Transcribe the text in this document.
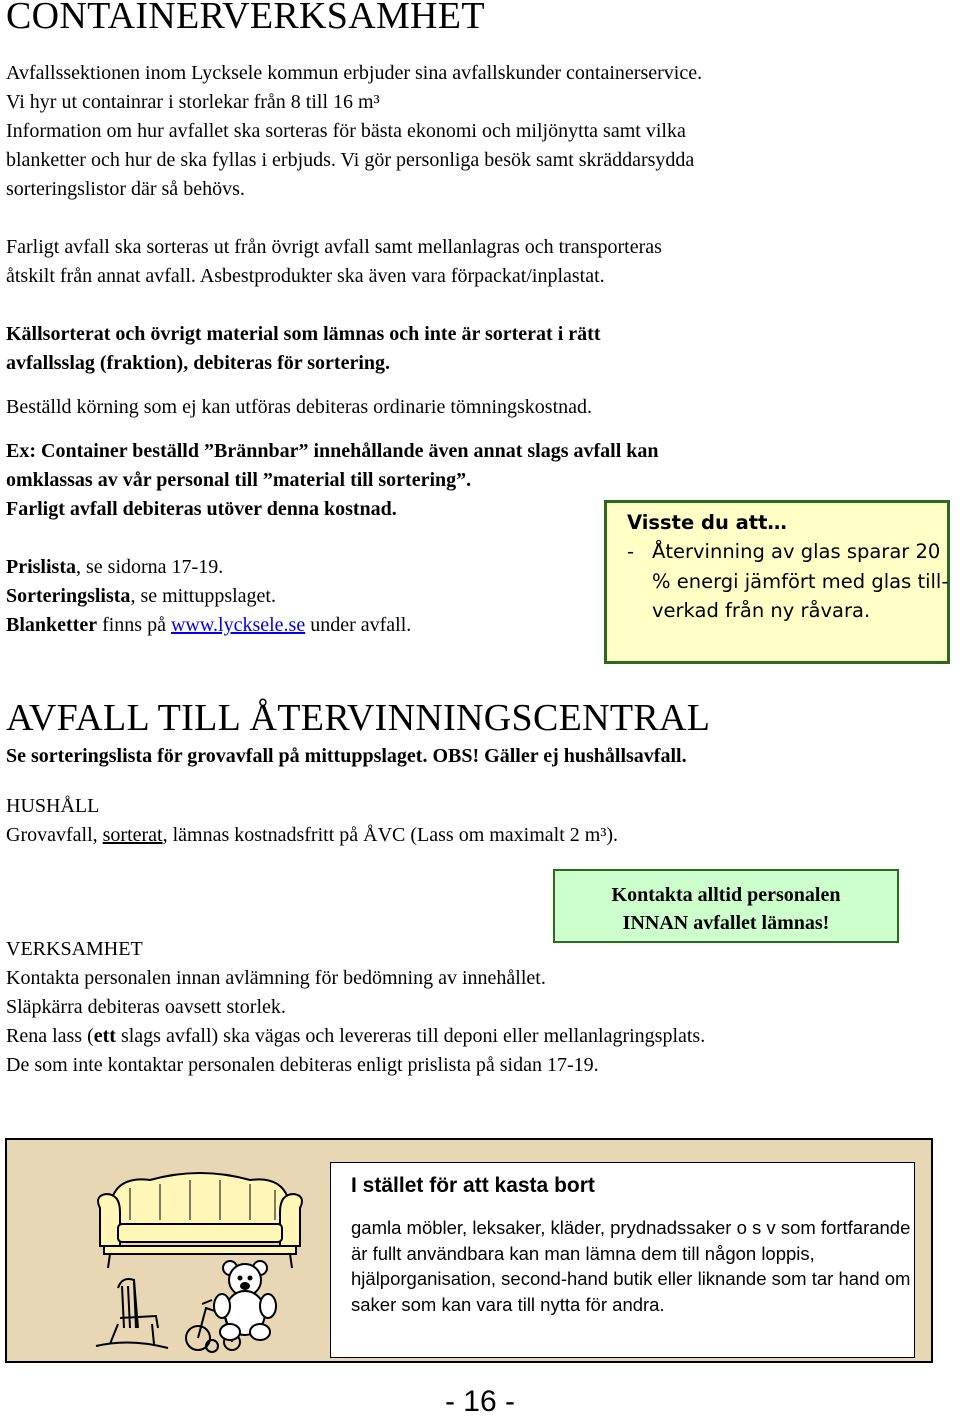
CONTAINERVERKSAMHET

Avfallssektionen inom Lycksele kommun erbjuder sina avfallskunder containerservice.

Vi hyr ut containrar i storlekar från 8 till 16 m³

Information om hur avfallet ska sorteras för bästa ekonomi och miljönytta samt vilka

blanketter och hur de ska fyllas i erbjuds. Vi gör personliga besök samt skräddarsydda

sorteringslistor där så behövs.

Farligt avfall ska sorteras ut från övrigt avfall samt mellanlagras och transporteras

åtskilt från annat avfall. Asbestprodukter ska även vara förpackat/inplastat.

Källsorterat och övrigt material som lämnas och inte är sorterat i rätt

avfallsslag (fraktion), debiteras för sortering.

Beställd körning som ej kan utföras debiteras ordinarie tömningskostnad.

Ex: Container beställd ”Brännbar” innehållande även annat slags avfall kan

omklassas av vår personal till ”material till sortering”.

Farligt avfall debiteras utöver denna kostnad.

Prislista, se sidorna 17-19.

Sorteringslista, se mittuppslaget.

Blanketter finns på www.lycksele.se under avfall.

Visste du att…
- Återvinning av glas sparar 20 % energi jämfört med glas till-verkad från ny råvara.
AVFALL TILL ÅTERVINNINGSCENTRAL

Se sorteringslista för grovavfall på mittuppslaget. OBS! Gäller ej hushållsavfall.

HUSHÅLL

Grovavfall, sorterat, lämnas kostnadsfritt på ÅVC (Lass om maximalt 2 m³).

Kontakta alltid personalen
INNAN avfallet lämnas!

VERKSAMHET

Kontakta personalen innan avlämning för bedömning av innehållet.

Släpkärra debiteras oavsett storlek.

Rena lass (ett slags avfall) ska vägas och levereras till deponi eller mellanlagringsplats.

De som inte kontaktar personalen debiteras enligt prislista på sidan 17-19.

I stället för att kasta bort
gamla möbler, leksaker, kläder, prydnadssaker o s v som fortfarande är fullt användbara kan man lämna dem till någon loppis, hjälporganisation, second-hand butik eller liknande som tar hand om saker som kan vara till nytta för andra.
- 16 -
